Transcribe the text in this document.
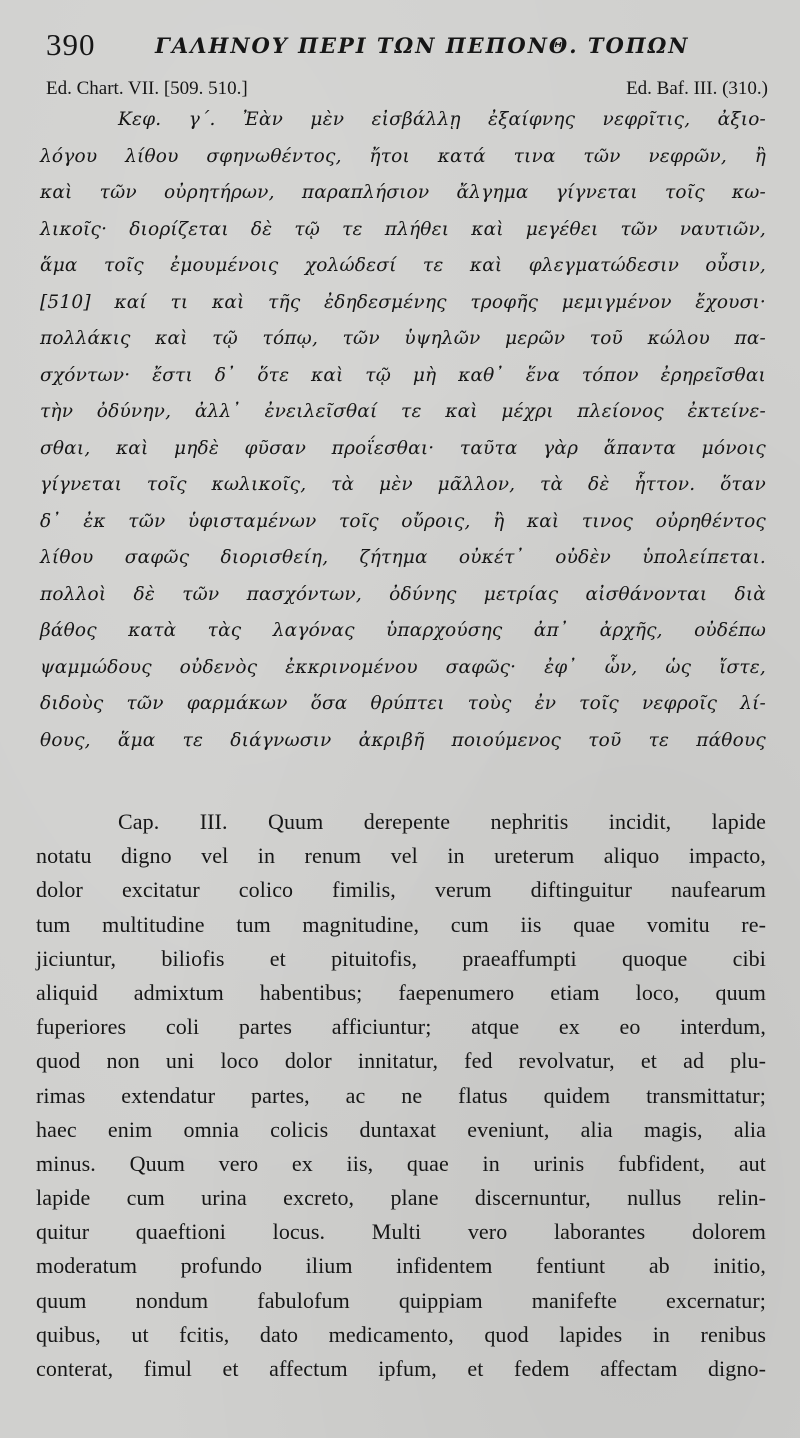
390	ΓΑΛΗΝΟΥ ΠΕΡΙ ΤΩΝ ΠΕΠΟΝΘ. ΤΟΠΩΝ
Ed. Chart. VII. [509. 510.]	Ed. Baf. III. (310.)
Κεφ. γ΄. Ἐὰν μὲν εἰσβάλλῃ ἐξαίφνης νεφρῖτις, ἀξιο-
λόγου λίθου σφηνωθέντος, ἤτοι κατά τινα τῶν νεφρῶν, ἢ
καὶ τῶν οὐρητήρων, παραπλήσιον ἄλγημα γίγνεται τοῖς κω-
λικοῖς· διορίζεται δὲ τῷ τε πλήθει καὶ μεγέθει τῶν ναυτιῶν,
ἅμα τοῖς ἐμουμένοις χολώδεσί τε καὶ φλεγματώδεσιν οὖσιν,
[510] καί τι καὶ τῆς ἐδηδεσμένης τροφῆς μεμιγμένον ἔχουσι·
πολλάκις καὶ τῷ τόπῳ, τῶν ὑψηλῶν μερῶν τοῦ κώλου πα-
σχόντων· ἔστι δ᾽ ὅτε καὶ τῷ μὴ καθ᾽ ἕνα τόπον ἐρηρεῖσθαι
τὴν ὀδύνην, ἀλλ᾽ ἐνειλεῖσθαί τε καὶ μέχρι πλείονος ἐκτείνε-
σθαι, καὶ μηδὲ φῦσαν προΐεσθαι· ταῦτα γὰρ ἅπαντα μόνοις
γίγνεται τοῖς κωλικοῖς, τὰ μὲν μᾶλλον, τὰ δὲ ἧττον. ὅταν
δ᾽ ἐκ τῶν ὑφισταμένων τοῖς οὔροις, ἢ καὶ τινος οὐρηθέντος
λίθου σαφῶς διορισθείη, ζήτημα οὐκέτ᾽ οὐδὲν ὑπολείπεται.
πολλοὶ δὲ τῶν πασχόντων, ὀδύνης μετρίας αἰσθάνονται διὰ
βάθος κατὰ τὰς λαγόνας ὑπαρχούσης ἀπ᾽ ἀρχῆς, οὐδέπω
ψαμμώδους οὐδενὸς ἐκκρινομένου σαφῶς· ἐφ᾽ ὧν, ὡς ἴστε,
διδοὺς τῶν φαρμάκων ὅσα θρύπτει τοὺς ἐν τοῖς νεφροῖς λί-
θους, ἅμα τε διάγνωσιν ἀκριβῆ ποιούμενος τοῦ τε πάθους
Cap. III. Quum derepente nephritis incidit, lapide
notatu digno vel in renum vel in ureterum aliquo impacto,
dolor excitatur colico fimilis, verum diftinguitur naufearum
tum multitudine tum magnitudine, cum iis quae vomitu re-
jiciuntur, biliofis et pituitofis, praeaffumpti quoque cibi
aliquid admixtum habentibus; faepenumero etiam loco, quum
fuperiores coli partes afficiuntur; atque ex eo interdum,
quod non uni loco dolor innitatur, fed revolvatur, et ad plu-
rimas extendatur partes, ac ne flatus quidem transmittatur;
haec enim omnia colicis duntaxat eveniunt, alia magis, alia
minus. Quum vero ex iis, quae in urinis fubfident, aut
lapide cum urina excreto, plane discernuntur, nullus relin-
quitur quaeftioni locus. Multi vero laborantes dolorem
moderatum profundo ilium infidentem fentiunt ab initio,
quum nondum fabulofum quippiam manifefte excernatur;
quibus, ut fcitis, dato medicamento, quod lapides in renibus
conterat, fimul et affectum ipfum, et fedem affectam digno-
